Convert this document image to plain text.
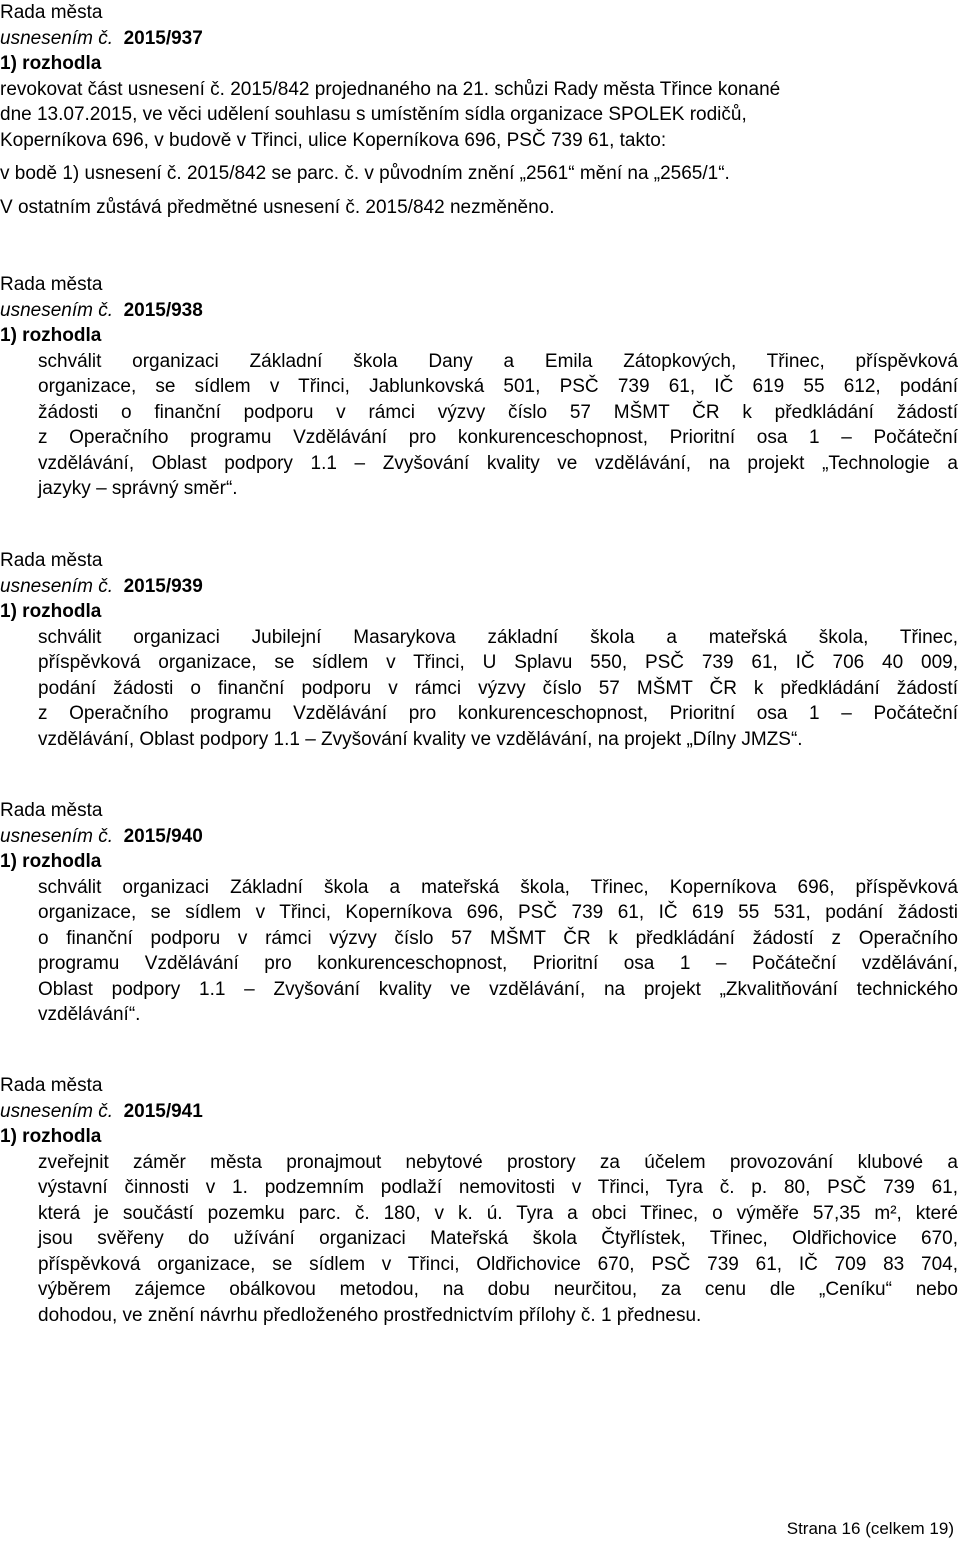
Rada města
usnesením č. 2015/937
1) rozhodla
revokovat část usnesení č. 2015/842 projednaného na 21. schůzi Rady města Třince konané
dne 13.07.2015, ve věci udělení souhlasu s umístěním sídla organizace SPOLEK rodičů,
Koperníkova 696, v budově v Třinci, ulice Koperníkova 696, PSČ 739 61, takto:
v bodě 1) usnesení č. 2015/842 se parc. č. v původním znění „2561“ mění na „2565/1“.
V ostatním zůstává předmětné usnesení č. 2015/842 nezměněno.
Rada města
usnesením č. 2015/938
1) rozhodla
schválit organizaci Základní škola Dany a Emila Zátopkových, Třinec, příspěvková
organizace, se sídlem v Třinci, Jablunkovská 501, PSČ 739 61, IČ 619 55 612, podání
žádosti o finanční podporu v rámci výzvy číslo 57 MŠMT ČR k předkládání žádostí
z Operačního programu Vzdělávání pro konkurenceschopnost, Prioritní osa 1 – Počáteční
vzdělávání, Oblast podpory 1.1 – Zvyšování kvality ve vzdělávání, na projekt „Technologie a
jazyky – správný směr“.
Rada města
usnesením č. 2015/939
1) rozhodla
schválit organizaci Jubilejní Masarykova základní škola a mateřská škola, Třinec,
příspěvková organizace, se sídlem v Třinci, U Splavu 550, PSČ 739 61, IČ 706 40 009,
podání žádosti o finanční podporu v rámci výzvy číslo 57 MŠMT ČR k předkládání žádostí
z Operačního programu Vzdělávání pro konkurenceschopnost, Prioritní osa 1 – Počáteční
vzdělávání, Oblast podpory 1.1 – Zvyšování kvality ve vzdělávání, na projekt „Dílny JMZS“.
Rada města
usnesením č. 2015/940
1) rozhodla
schválit organizaci Základní škola a mateřská škola, Třinec, Koperníkova 696, příspěvková
organizace, se sídlem v Třinci, Koperníkova 696, PSČ 739 61, IČ 619 55 531, podání žádosti
o finanční podporu v rámci výzvy číslo 57 MŠMT ČR k předkládání žádostí z Operačního
programu Vzdělávání pro konkurenceschopnost, Prioritní osa 1 – Počáteční vzdělávání,
Oblast podpory 1.1 – Zvyšování kvality ve vzdělávání, na projekt „Zkvalitňování technického
vzdělávání“.
Rada města
usnesením č. 2015/941
1) rozhodla
zveřejnit záměr města pronajmout nebytové prostory za účelem provozování klubové a
výstavní činnosti v 1. podzemním podlaží nemovitosti v Třinci, Tyra č. p. 80, PSČ 739 61,
která je součástí pozemku parc. č. 180, v k. ú. Tyra a obci Třinec, o výměře 57,35 m², které
jsou svěřeny do užívání organizaci Mateřská škola Čtyřlístek, Třinec, Oldřichovice 670,
příspěvková organizace, se sídlem v Třinci, Oldřichovice 670, PSČ 739 61, IČ 709 83 704,
výběrem zájemce obálkovou metodou, na dobu neurčitou, za cenu dle „Ceníku“ nebo
dohodou, ve znění návrhu předloženého prostřednictvím přílohy č. 1 přednesu.
Strana 16 (celkem 19)
